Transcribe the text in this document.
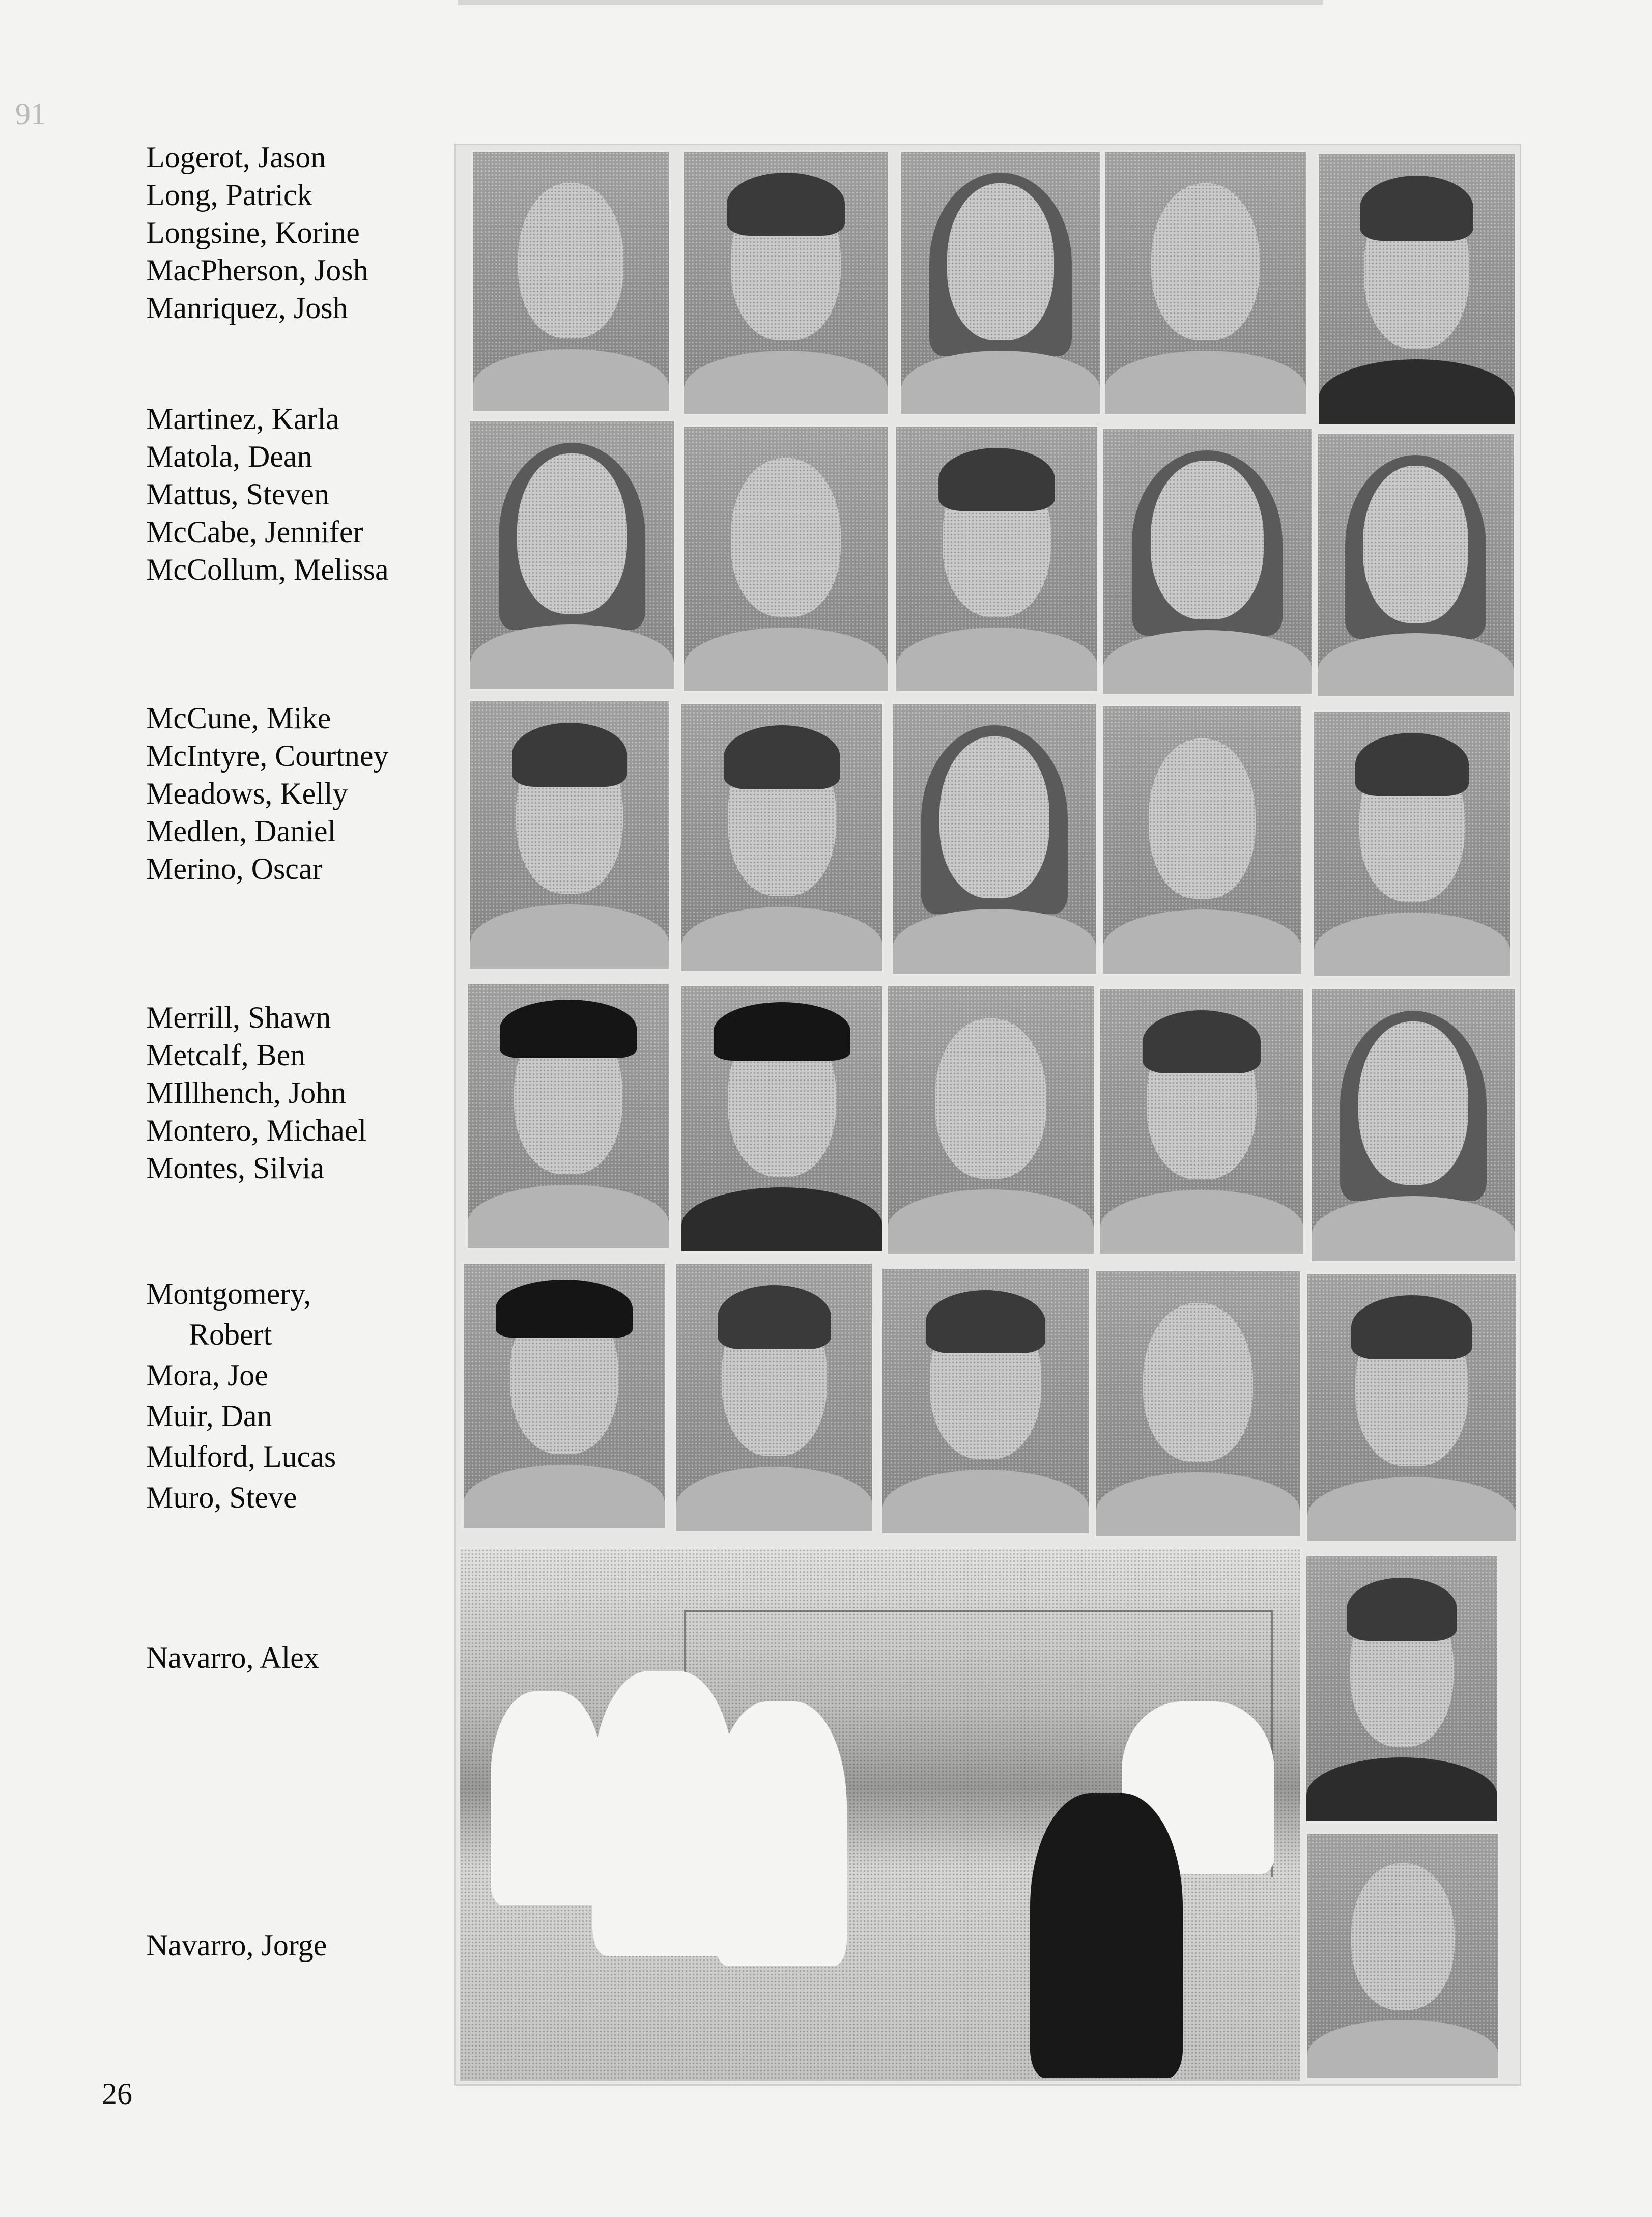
91
Logerot, Jason
Long, Patrick
Longsine, Korine
MacPherson, Josh
Manriquez, Josh
Martinez, Karla
Matola, Dean
Mattus, Steven
McCabe, Jennifer
McCollum, Melissa
McCune, Mike
McIntyre, Courtney
Meadows, Kelly
Medlen, Daniel
Merino, Oscar
Merrill, Shawn
Metcalf, Ben
MIllhench, John
Montero, Michael
Montes, Silvia
Montgomery,
Robert
Mora, Joe
Muir, Dan
Mulford, Lucas
Muro, Steve
Navarro, Alex
Navarro, Jorge
26
